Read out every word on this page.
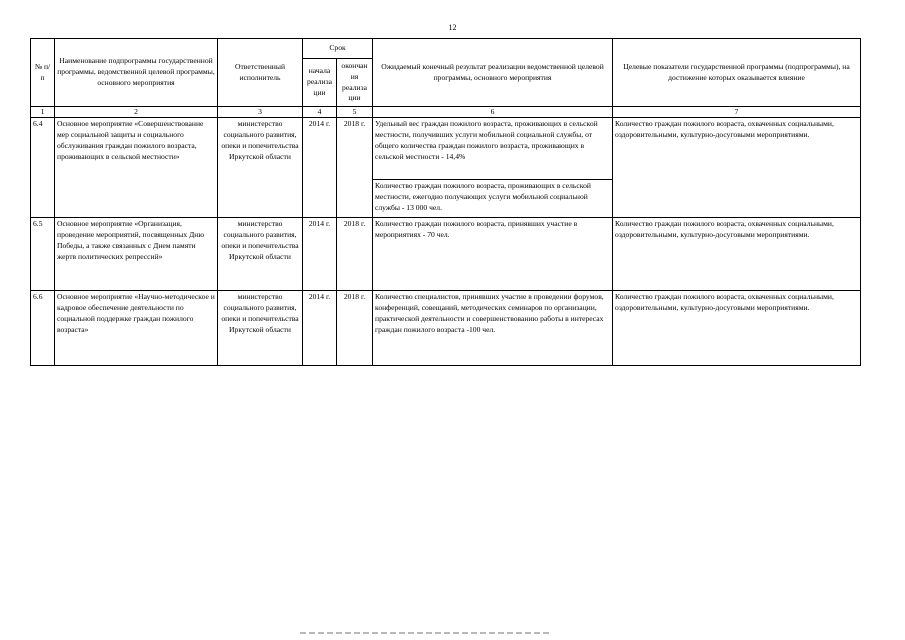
12
№ п/п	Наименование подпрограммы государственной программы, ведомственной целевой программы, основного мероприятия	Ответственный исполнитель	Срок		Ожидаемый конечный результат реализации ведомственной целевой программы, основного мероприятия	Целевые показатели государственной программы (подпрограммы), на достижение которых оказывается влияние
			начала реализа ции	окончан ия реализа ции		
1	2	3	4	5	6	7
6.4	Основное мероприятие «Совершенствование мер социальной защиты и социального обслуживания граждан пожилого возраста, проживающих в сельской местности»	министерство социального развития, опеки и попечительства Иркутской области	2014 г.	2018 г.	Удельный вес граждан пожилого возраста, проживающих в сельской местности, получивших услуги мобильной социальной службы, от общего количества граждан пожилого возраста, проживающих в сельской местности - 14,4%	Количество граждан пожилого возраста, охваченных социальными, оздоровительными, культурно-досуговыми мероприятиями.
					Количество граждан пожилого возраста, проживающих в сельской местности, ежегодно получающих услуги мобильной социальной службы - 13 000 чел.	
6.5	Основное мероприятие «Организация, проведение мероприятий, посвященных Дню Победы, а также связанных с Днем памяти жертв политических репрессий»	министерство социального развития, опеки и попечительства Иркутской области	2014 г.	2018 г.	Количество граждан пожилого возраста, принявших участие в мероприятиях - 70 чел.	Количество граждан пожилого возраста, охваченных социальными, оздоровительными, культурно-досуговыми мероприятиями.
6.6	Основное мероприятие «Научно-методическое и кадровое обеспечение деятельности по социальной поддержке граждан пожилого возраста»	министерство социального развития, опеки и попечительства Иркутской области	2014 г.	2018 г.	Количество специалистов, принявших участие в проведении форумов, конференций, совещаний, методических семинаров по организации, практической деятельности и совершенствованию работы в интересах граждан пожилого возраста -100 чел.	Количество граждан пожилого возраста, охваченных социальными, оздоровительными, культурно-досуговыми мероприятиями.
